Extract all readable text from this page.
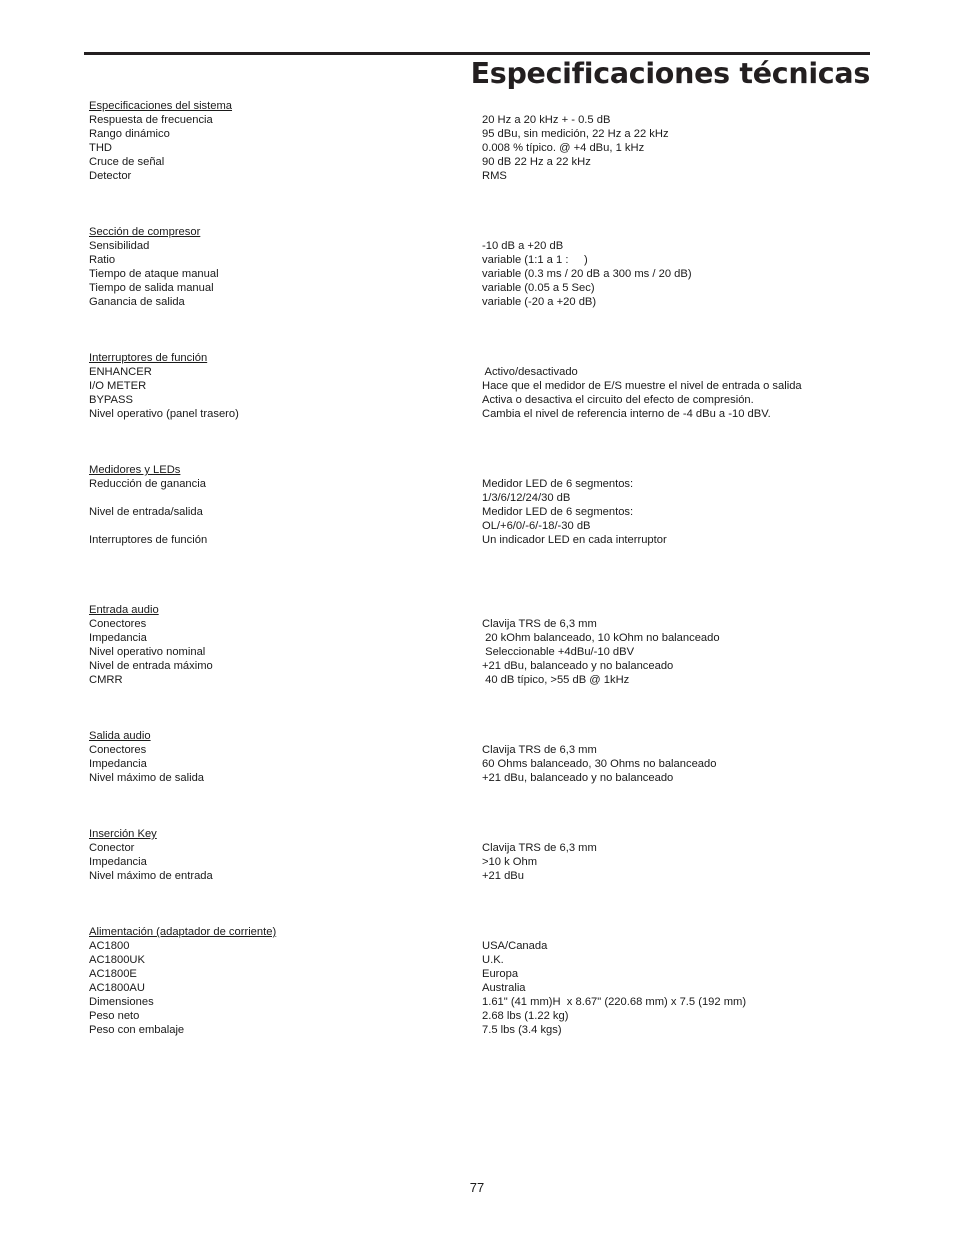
Especificaciones técnicas
Especificaciones del sistema
Respuesta de frecuencia	20 Hz a 20 kHz + - 0.5 dB
Rango dinámico	95 dBu, sin medición, 22 Hz a 22 kHz
THD	0.008 % típico. @ +4 dBu, 1 kHz
Cruce de señal	90 dB 22 Hz a 22 kHz
Detector	RMS
Sección de compresor
Sensibilidad	-10 dB a +20 dB
Ratio	variable (1:1 a 1 :     )
Tiempo de ataque manual	variable (0.3 ms / 20 dB a 300 ms / 20 dB)
Tiempo de salida manual	variable (0.05 a 5 Sec)
Ganancia de salida	variable (-20 a +20 dB)
Interruptores de función
ENHANCER	Activo/desactivado
I/O METER	Hace que el medidor de E/S muestre el nivel de entrada o salida
BYPASS	Activa o desactiva el circuito del efecto de compresión.
Nivel operativo (panel trasero)	Cambia el nivel de referencia interno de -4 dBu a -10 dBV.
Medidores y LEDs
Reducción de ganancia	Medidor LED de 6 segmentos:
1/3/6/12/24/30 dB
Nivel de entrada/salida	Medidor LED de 6 segmentos:
OL/+6/0/-6/-18/-30 dB
Interruptores de función	Un indicador LED en cada interruptor
Entrada audio
Conectores	Clavija TRS de 6,3 mm
Impedancia	20 kOhm balanceado, 10 kOhm no balanceado
Nivel operativo nominal	Seleccionable +4dBu/-10 dBV
Nivel de entrada máximo	+21 dBu, balanceado y no balanceado
CMRR	40 dB típico, >55 dB @ 1kHz
Salida audio
Conectores	Clavija TRS de 6,3 mm
Impedancia	60 Ohms balanceado, 30 Ohms no balanceado
Nivel máximo de salida	+21 dBu, balanceado y no balanceado
Inserción Key
Conector	Clavija TRS de 6,3 mm
Impedancia	>10 k Ohm
Nivel máximo de entrada	+21 dBu
Alimentación (adaptador de corriente)
AC1800	USA/Canada
AC1800UK	U.K.
AC1800E	Europa
AC1800AU	Australia
Dimensiones	1.61" (41 mm)H  x 8.67" (220.68 mm) x 7.5 (192 mm)
Peso neto	2.68 lbs (1.22 kg)
Peso con embalaje	7.5 lbs (3.4 kgs)
77
